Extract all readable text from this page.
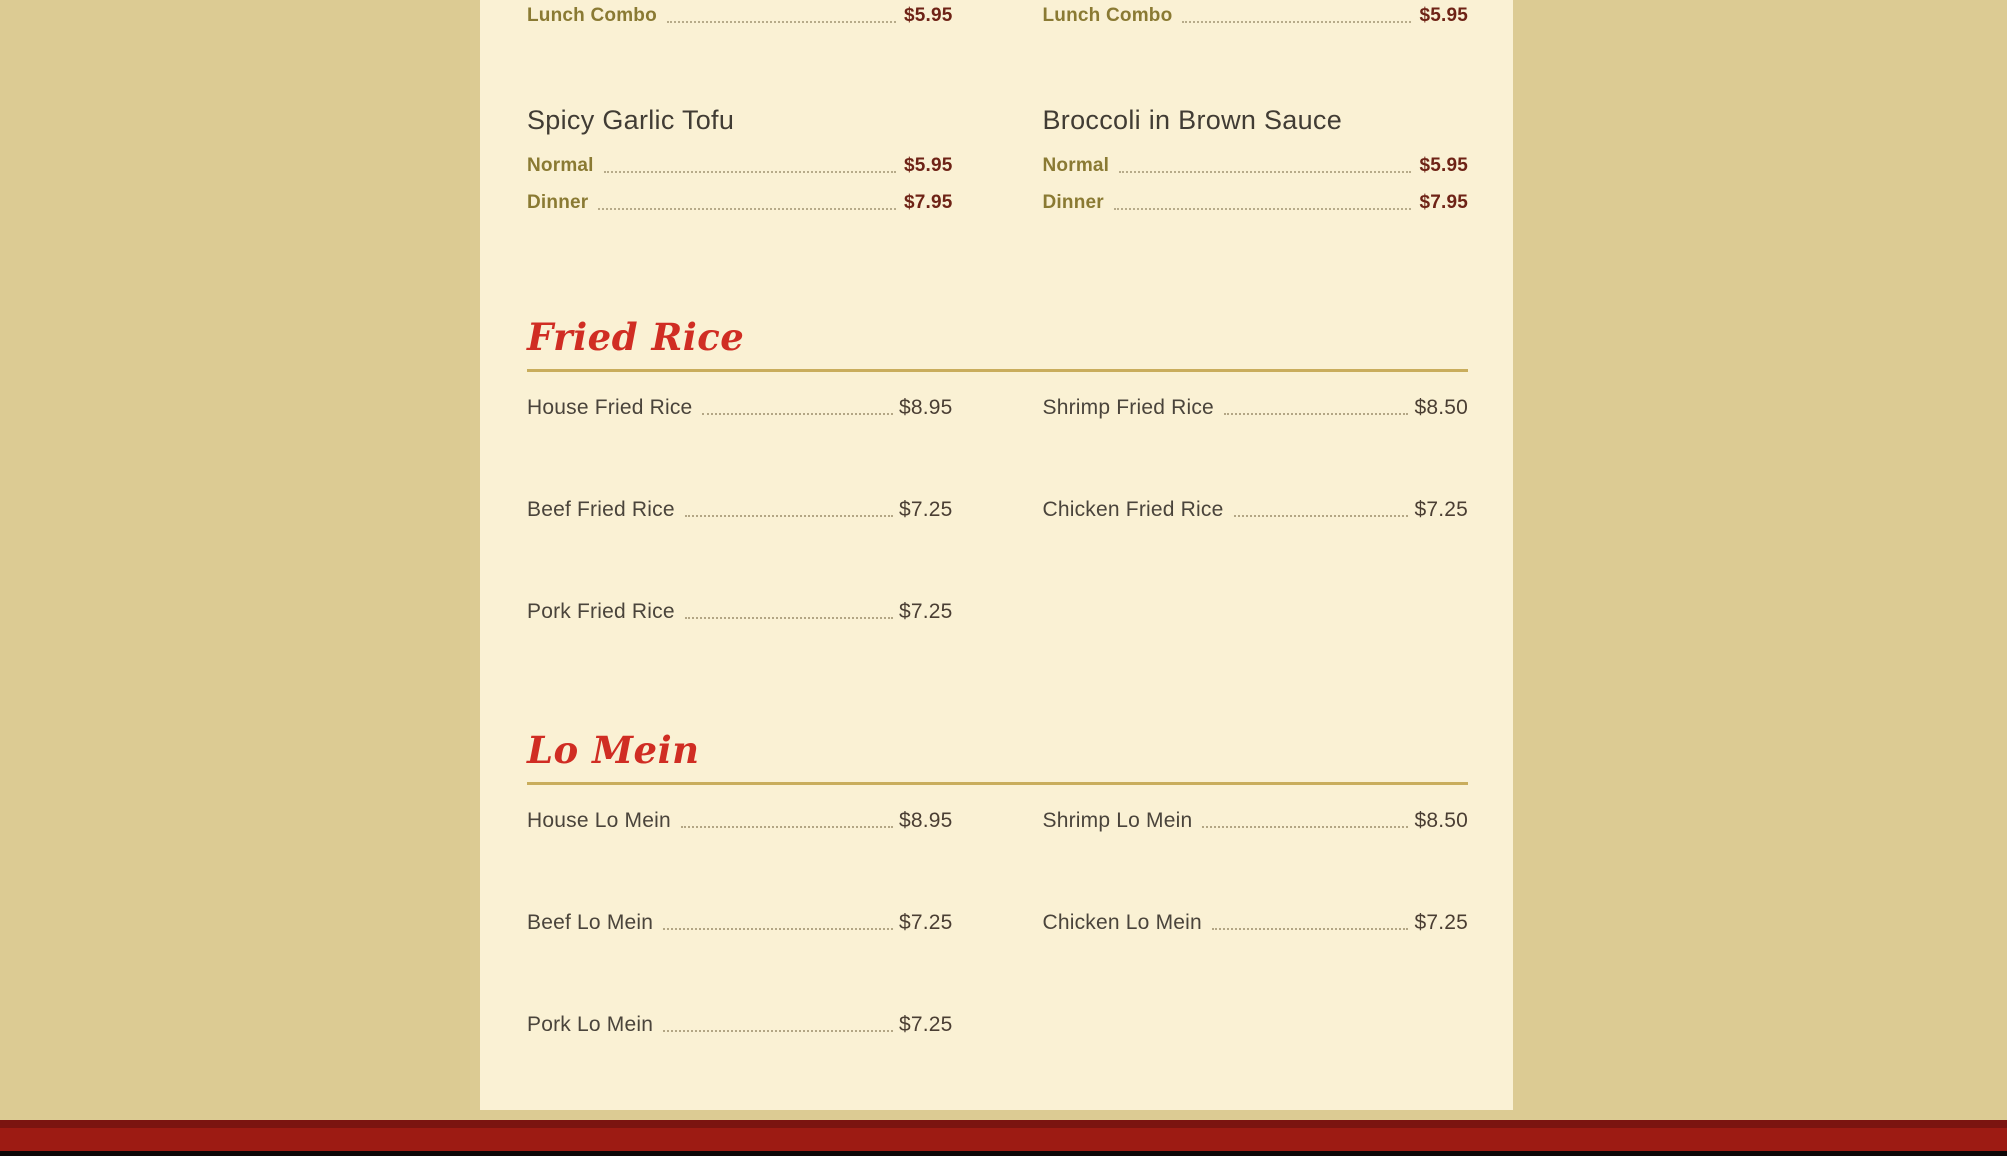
Lunch Combo	$5.95
Spicy Garlic Tofu
Normal	$5.95
Dinner	$7.95
Lunch Combo	$5.95
Broccoli in Brown Sauce
Normal	$5.95
Dinner	$7.95
Fried Rice
House Fried Rice	$8.95	Shrimp Fried Rice	$8.50
Beef Fried Rice	$7.25	Chicken Fried Rice	$7.25
Pork Fried Rice	$7.25
Lo Mein
House Lo Mein	$8.95	Shrimp Lo Mein	$8.50
Beef Lo Mein	$7.25	Chicken Lo Mein	$7.25
Pork Lo Mein	$7.25
